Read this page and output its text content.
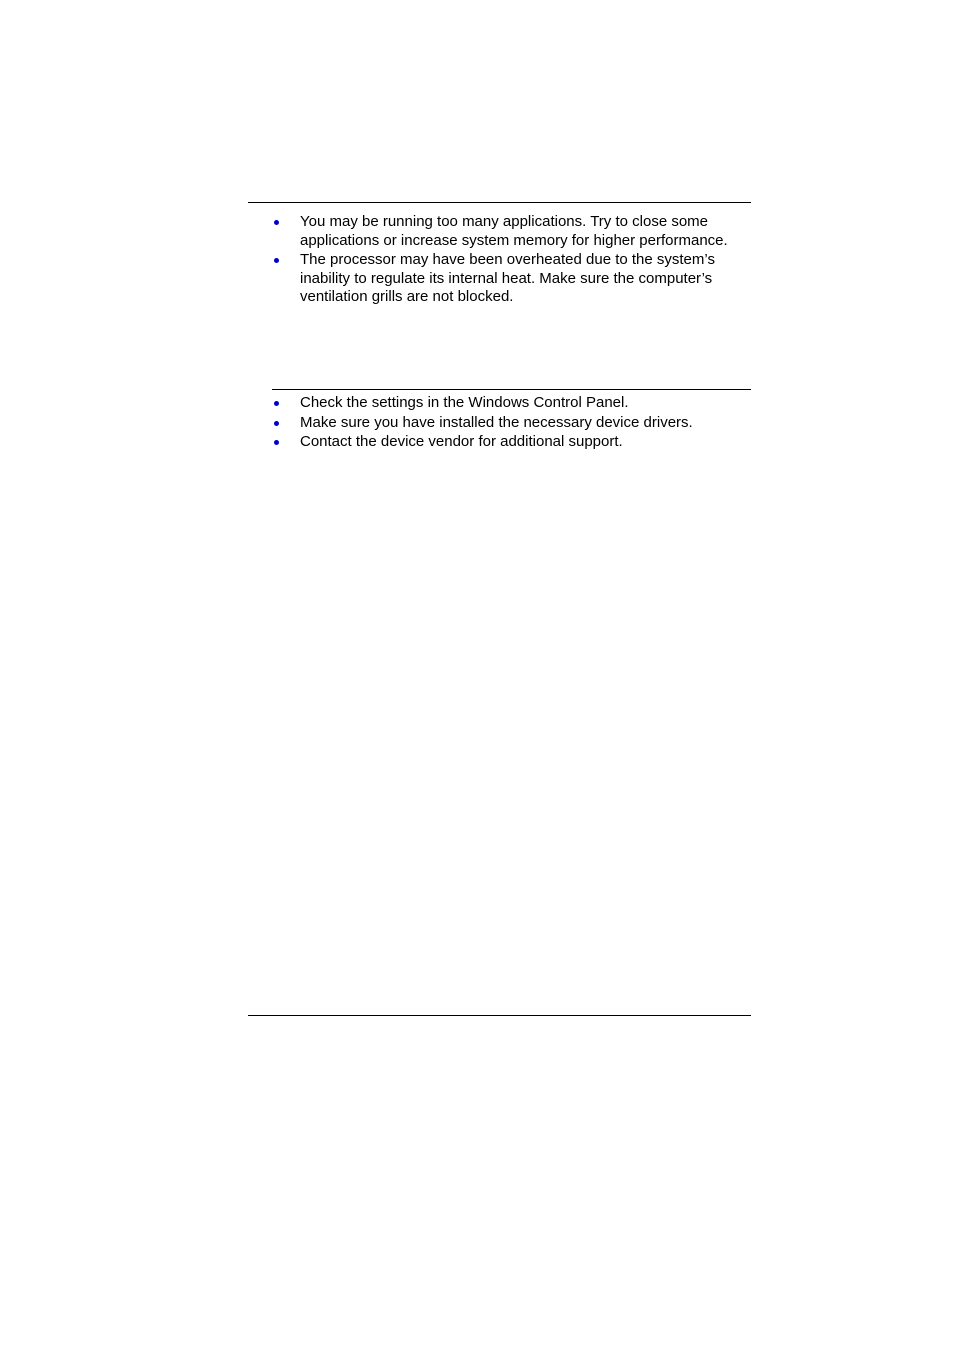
You may be running too many applications. Try to close some applications or increase system memory for higher performance.
The processor may have been overheated due to the system’s inability to regulate its internal heat. Make sure the computer’s ventilation grills are not blocked.
Check the settings in the Windows Control Panel.
Make sure you have installed the necessary device drivers.
Contact the device vendor for additional support.
